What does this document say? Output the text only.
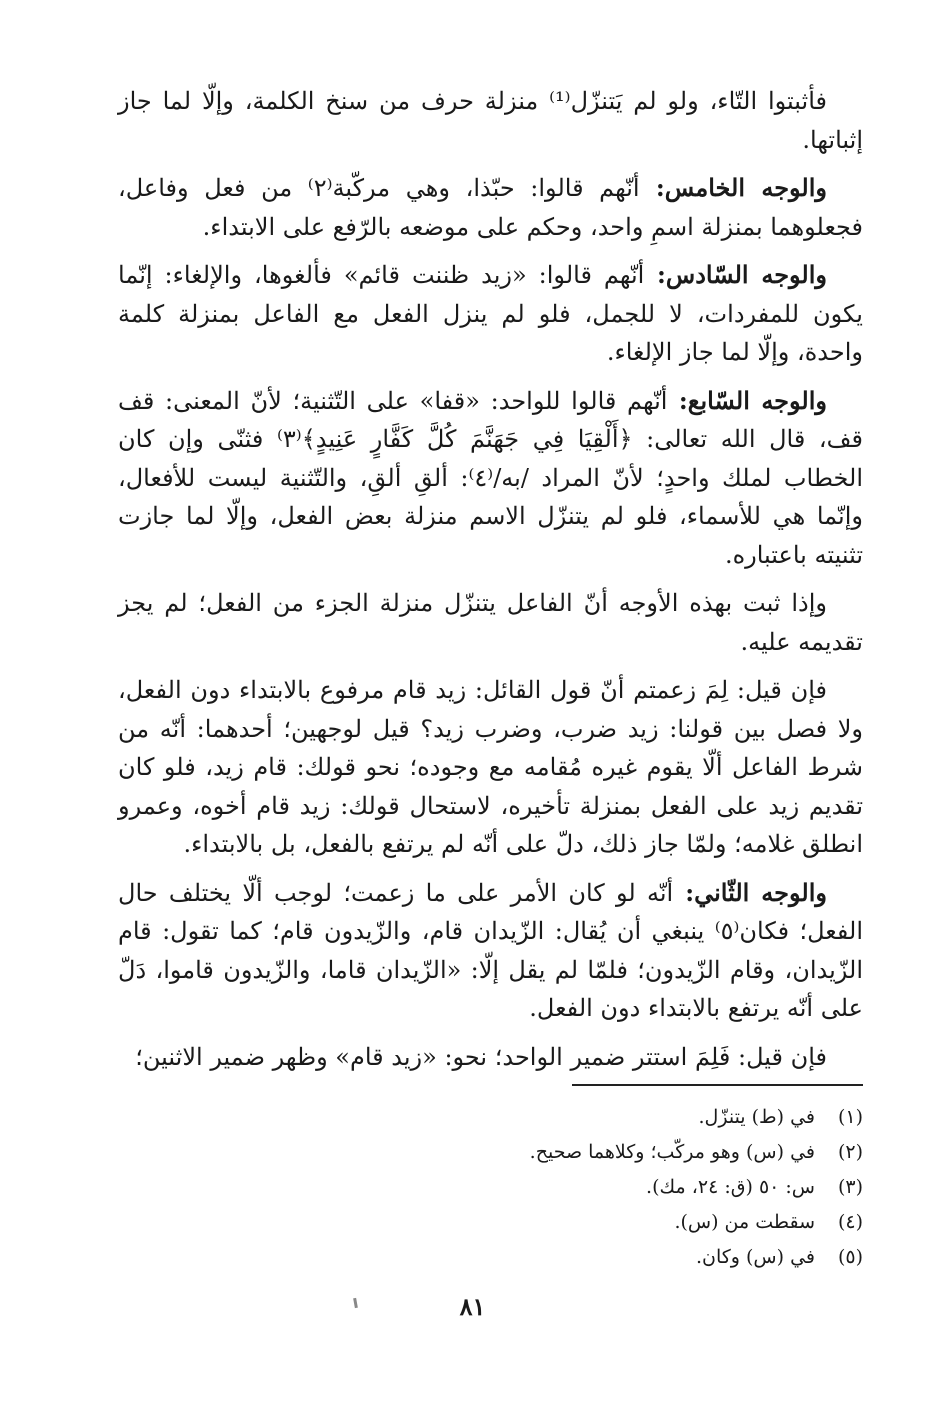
فأثبتوا التّاء، ولو لم يَتنزّل⁽¹⁾ منزلة حرف من سنخ الكلمة، وإلّا لما جاز إثباتها.

والوجه الخامس: أنّهم قالوا: حبّذا، وهي مركّبة⁽٢⁾ من فعل وفاعل، فجعلوهما بمنزلة اسمِ واحد، وحكم على موضعه بالرّفع على الابتداء.

والوجه السّادس: أنّهم قالوا: «زيد ظننت قائم» فألغوها، والإلغاء: إنّما يكون للمفردات، لا للجمل، فلو لم ينزل الفعل مع الفاعل بمنزلة كلمة واحدة، وإلّا لما جاز الإلغاء.

والوجه السّابع: أنّهم قالوا للواحد: «قفا» على التّثنية؛ لأنّ المعنى: قف قف، قال الله تعالى: ﴿أَلْقِيَا فِي جَهَنَّمَ كُلَّ كَفَّارٍ عَنِيدٍ﴾⁽٣⁾ فثنّى وإن كان الخطاب لملك واحدٍ؛ لأنّ المراد /به/⁽٤⁾: ألقِ ألقِ، والتّثنية ليست للأفعال، وإنّما هي للأسماء، فلو لم يتنزّل الاسم منزلة بعض الفعل، وإلّا لما جازت تثنيته باعتباره.

وإذا ثبت بهذه الأوجه أنّ الفاعل يتنزّل منزلة الجزء من الفعل؛ لم يجز تقديمه عليه.

فإن قيل: لِمَ زعمتم أنّ قول القائل: زيد قام مرفوع بالابتداء دون الفعل، ولا فصل بين قولنا: زيد ضرب، وضرب زيد؟ قيل لوجهين؛ أحدهما: أنّه من شرط الفاعل ألّا يقوم غيره مُقامه مع وجوده؛ نحو قولك: قام زيد، فلو كان تقديم زيد على الفعل بمنزلة تأخيره، لاستحال قولك: زيد قام أخوه، وعمرو انطلق غلامه؛ ولمّا جاز ذلك، دلّ على أنّه لم يرتفع بالفعل، بل بالابتداء.

والوجه الثّاني: أنّه لو كان الأمر على ما زعمت؛ لوجب ألّا يختلف حال الفعل؛ فكان⁽٥⁾ ينبغي أن يُقال: الزّيدان قام، والزّيدون قام؛ كما تقول: قام الزّيدان، وقام الزّيدون؛ فلمّا لم يقل إلّا: «الزّيدان قاما، والزّيدون قاموا، دَلّ على أنّه يرتفع بالابتداء دون الفعل.

فإن قيل: فَلِمَ استتر ضمير الواحد؛ نحو: «زيد قام» وظهر ضمير الاثنين؛

(١)في (ط) يتنزّل.
(٢)في (س) وهو مركّب؛ وكلاهما صحيح.
(٣)س: ٥٠ (ق: ٢٤، مك).
(٤)سقطت من (س).
(٥)في (س) وكان.
٨١
